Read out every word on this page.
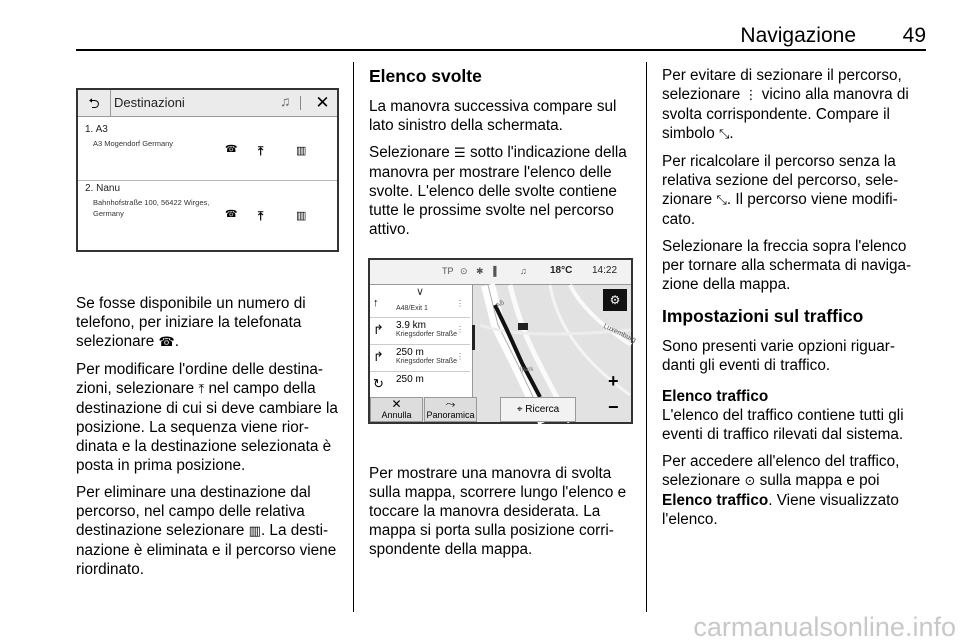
Navigazione 49
⮌	Destinazioni	♫	✕
1. A3
A3 Mogendorf Germany
☎ ⤒	▥
2. Nanu
Bahnhofstraße 100, 56422 Wirges, Germany	☎ ⤒	▥

Se fosse disponibile un numero di telefono, per iniziare la telefonata selezionare ☎.

Per modificare l'ordine delle destina- zioni, selezionare ⤒ nel campo della destinazione di cui si deve cambiare la posizione. La sequenza viene rior- dinata e la destinazione selezionata è posta in prima posizione.

Per eliminare una destinazione dal percorso, nel campo delle relativa destinazione selezionare ▥. La desti- nazione è eliminata e il percorso viene riordinato.

Elenco svolte

La manovra successiva compare sul lato sinistro della schermata.

Selezionare ☰ sotto l'indicazione della manovra per mostrare l'elenco delle svolte. L'elenco delle svolte contiene tutte le prossime svolte nel percorso attivo.

TP ⊙ ✱ ▐	♫ 18°C 14:22
A6
Luxemburg
Ipark
∨
↑	A48/Exit 1
⋮
↱ 3.9 km
Kriegsdorfer Straße
⋮
↱ 250 m
Kriegsdorfer Straße
⋮
↻ 250 m
⚙
+
−
✕
Annulla
⤳
Panoramica	⌖ Ricerca

Per mostrare una manovra di svolta sulla mappa, scorrere lungo l'elenco e toccare la manovra desiderata. La mappa si porta sulla posizione corri- spondente della mappa.

Per evitare di sezionare il percorso, selezionare ⋮ vicino alla manovra di svolta corrispondente. Compare il simbolo ⤡.

Per ricalcolare il percorso senza la relativa sezione del percorso, sele- zionare ⤡. Il percorso viene modifi- cato.

Selezionare la freccia sopra l'elenco per tornare alla schermata di naviga- zione della mappa.

Impostazioni sul traffico

Sono presenti varie opzioni riguar- danti gli eventi di traffico.

Elenco traffico

L'elenco del traffico contiene tutti gli eventi di traffico rilevati dal sistema.

Per accedere all'elenco del traffico, selezionare ⊙ sulla mappa e poi Elenco traffico. Viene visualizzato l'elenco.

carmanualsonline.info
